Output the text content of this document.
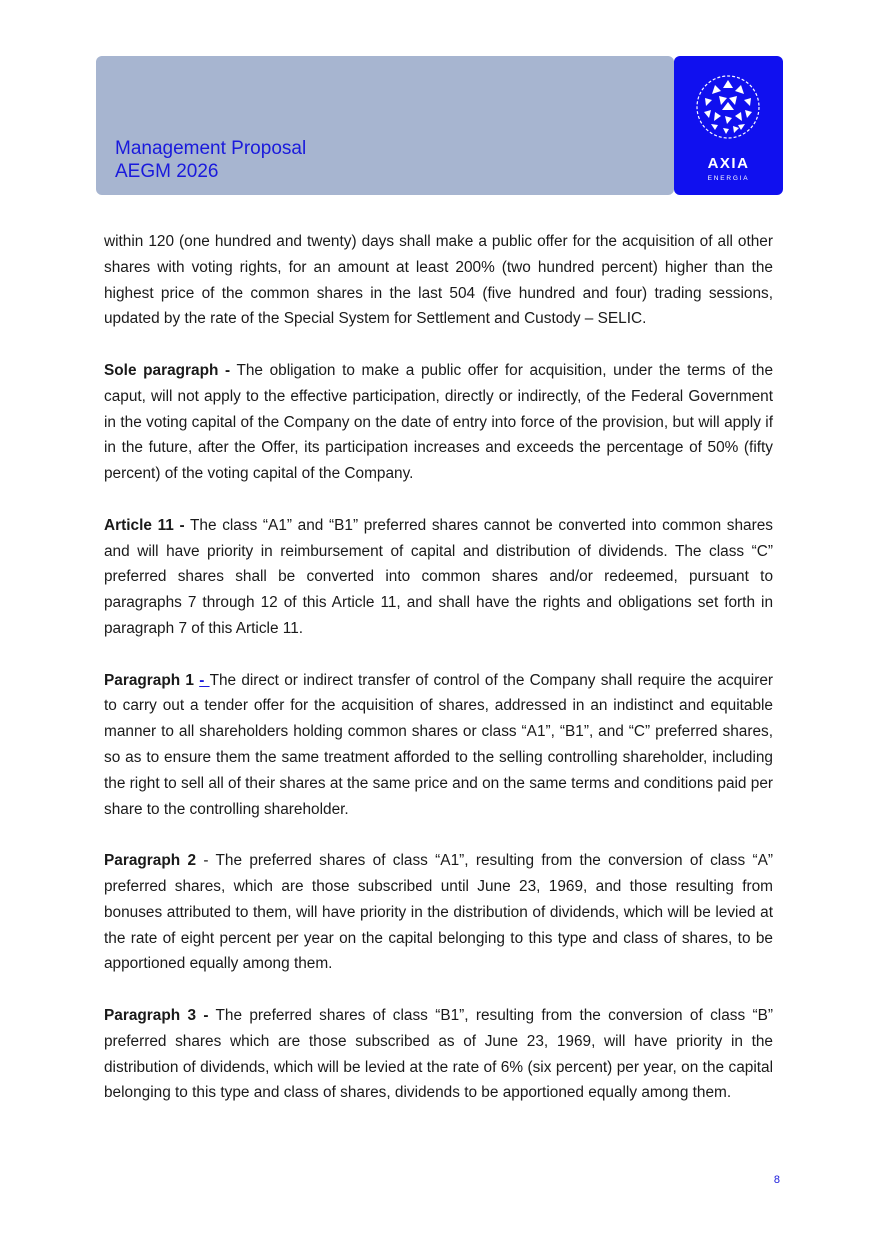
Management Proposal
AEGM 2026	AXIA
ENERGIA

within 120 (one hundred and twenty) days shall make a public offer for the acquisition of all other shares with voting rights, for an amount at least 200% (two hundred percent) higher than the highest price of the common shares in the last 504 (five hundred and four) trading sessions, updated by the rate of the Special System for Settlement and Custody – SELIC.

Sole paragraph - The obligation to make a public offer for acquisition, under the terms of the caput, will not apply to the effective participation, directly or indirectly, of the Federal Government in the voting capital of the Company on the date of entry into force of the provision, but will apply if in the future, after the Offer, its participation increases and exceeds the percentage of 50% (fifty percent) of the voting capital of the Company.

Article 11 - The class “A1” and “B1” preferred shares cannot be converted into common shares and will have priority in reimbursement of capital and distribution of dividends. The class “C” preferred shares shall be converted into common shares and/or redeemed, pursuant to paragraphs 7 through 12 of this Article 11, and shall have the rights and obligations set forth in paragraph 7 of this Article 11.

Paragraph 1 - The direct or indirect transfer of control of the Company shall require the acquirer to carry out a tender offer for the acquisition of shares, addressed in an indistinct and equitable manner to all shareholders holding common shares or class “A1”, “B1”, and “C” preferred shares, so as to ensure them the same treatment afforded to the selling controlling shareholder, including the right to sell all of their shares at the same price and on the same terms and conditions paid per share to the controlling shareholder.

Paragraph 2 - The preferred shares of class “A1”, resulting from the conversion of class “A” preferred shares, which are those subscribed until June 23, 1969, and those resulting from bonuses attributed to them, will have priority in the distribution of dividends, which will be levied at the rate of eight percent per year on the capital belonging to this type and class of shares, to be apportioned equally among them.

Paragraph 3 - The preferred shares of class “B1”, resulting from the conversion of class “B” preferred shares which are those subscribed as of June 23, 1969, will have priority in the distribution of dividends, which will be levied at the rate of 6% (six percent) per year, on the capital belonging to this type and class of shares, dividends to be apportioned equally among them.

8
